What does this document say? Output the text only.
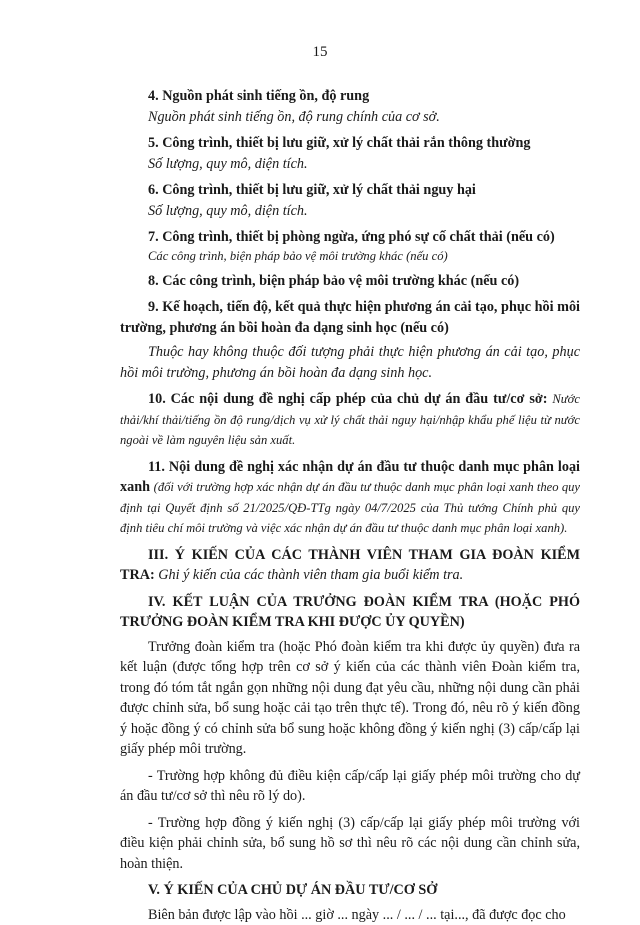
15

4. Nguồn phát sinh tiếng ồn, độ rung

Nguồn phát sinh tiếng ồn, độ rung chính của cơ sở.

5. Công trình, thiết bị lưu giữ, xử lý chất thải rắn thông thường

Số lượng, quy mô, diện tích.

6. Công trình, thiết bị lưu giữ, xử lý chất thải nguy hại

Số lượng, quy mô, diện tích.

7. Công trình, thiết bị phòng ngừa, ứng phó sự cố chất thải (nếu có)

Các công trình, biện pháp bảo vệ môi trường khác (nếu có)

8. Các công trình, biện pháp bảo vệ môi trường khác (nếu có)

9. Kế hoạch, tiến độ, kết quả thực hiện phương án cải tạo, phục hồi môi trường, phương án bồi hoàn đa dạng sinh học (nếu có)

Thuộc hay không thuộc đối tượng phải thực hiện phương án cải tạo, phục hồi môi trường, phương án bồi hoàn đa dạng sinh học.

10. Các nội dung đề nghị cấp phép của chủ dự án đầu tư/cơ sở: Nước thải/khí thải/tiếng ồn độ rung/dịch vụ xử lý chất thải nguy hại/nhập khẩu phế liệu từ nước ngoài về làm nguyên liệu sản xuất.

11. Nội dung đề nghị xác nhận dự án đầu tư thuộc danh mục phân loại xanh (đối với trường hợp xác nhận dự án đầu tư thuộc danh mục phân loại xanh theo quy định tại Quyết định số 21/2025/QĐ-TTg ngày 04/7/2025 của Thủ tướng Chính phủ quy định tiêu chí môi trường và việc xác nhận dự án đầu tư thuộc danh mục phân loại xanh).

III. Ý KIẾN CỦA CÁC THÀNH VIÊN THAM GIA ĐOÀN KIỂM TRA: Ghi ý kiến của các thành viên tham gia buổi kiểm tra.

IV. KẾT LUẬN CỦA TRƯỞNG ĐOÀN KIỂM TRA (HOẶC PHÓ TRƯỞNG ĐOÀN KIỂM TRA KHI ĐƯỢC ỦY QUYỀN)

Trưởng đoàn kiểm tra (hoặc Phó đoàn kiểm tra khi được ủy quyền) đưa ra kết luận (được tổng hợp trên cơ sở ý kiến của các thành viên Đoàn kiểm tra, trong đó tóm tắt ngắn gọn những nội dung đạt yêu cầu, những nội dung cần phải được chỉnh sửa, bổ sung hoặc cải tạo trên thực tế). Trong đó, nêu rõ ý kiến đồng ý hoặc đồng ý có chỉnh sửa bổ sung hoặc không đồng ý kiến nghị (3) cấp/cấp lại giấy phép môi trường.

- Trường hợp không đủ điều kiện cấp/cấp lại giấy phép môi trường cho dự án đầu tư/cơ sở thì nêu rõ lý do).

- Trường hợp đồng ý kiến nghị (3) cấp/cấp lại giấy phép môi trường với điều kiện phải chỉnh sửa, bổ sung hồ sơ thì nêu rõ các nội dung cần chỉnh sửa, hoàn thiện.

V. Ý KIẾN CỦA CHỦ DỰ ÁN ĐẦU TƯ/CƠ SỞ

Biên bản được lập vào hồi ... giờ ... ngày ... / ... / ... tại..., đã được đọc cho
